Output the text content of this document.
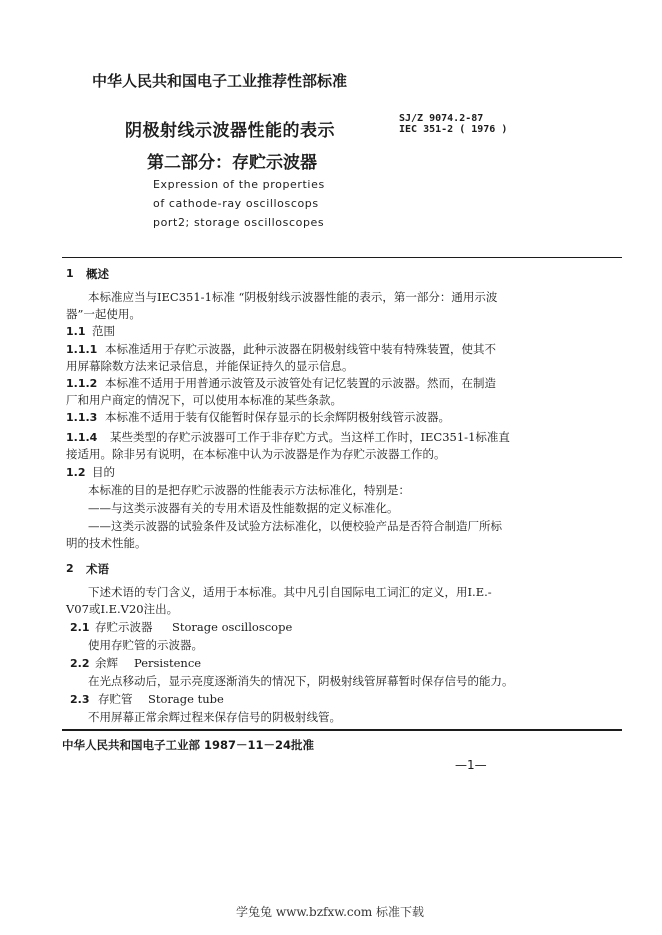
中华人民共和国电子工业推荐性部标准
阴极射线示波器性能的表示
SJ/Z 9074.2-87
IEC 351-2 ( 1976 )
第二部分：存贮示波器
Expression of the properties
of cathode-ray oscilloscops
port2; storage oscilloscopes
1 概述
本标准应当与IEC351-1标准 “阴极射线示波器性能的表示，第一部分：通用示波
器”一起使用。
1.1 范围
1.1.1 本标准适用于存贮示波器，此种示波器在阴极射线管中装有特殊装置，使其不
用屏幕除数方法来记录信息，并能保证持久的显示信息。
1.1.2 本标准不适用于用普通示波管及示波管处有记忆装置的示波器。然而，在制造
厂和用户商定的情况下，可以使用本标准的某些条款。
1.1.3 本标准不适用于装有仅能暂时保存显示的长余辉阴极射线管示波器。
1.1.4 某些类型的存贮示波器可工作于非存贮方式。当这样工作时，IEC351-1标准直
接适用。除非另有说明，在本标准中认为示波器是作为存贮示波器工作的。
1.2 目的
本标准的目的是把存贮示波器的性能表示方法标准化，特别是：
——与这类示波器有关的专用术语及性能数据的定义标准化。
——这类示波器的试验条件及试验方法标准化，以便校验产品是否符合制造厂所标
明的技术性能。
2 术语
下述术语的专门含义，适用于本标准。其中凡引自国际电工词汇的定义，用I.E.-
V07或I.E.V20注出。
2.1 存贮示波器 Storage oscilloscope
使用存贮管的示波器。
2.2 余辉 Persistence
在光点移动后，显示亮度逐渐消失的情况下，阴极射线管屏幕暂时保存信号的能力。
2.3 存贮管 Storage tube
不用屏幕正常余辉过程来保存信号的阴极射线管。
中华人民共和国电子工业部 1987－11－24批准
—1—
学兔兔 www.bzfxw.com 标准下载
